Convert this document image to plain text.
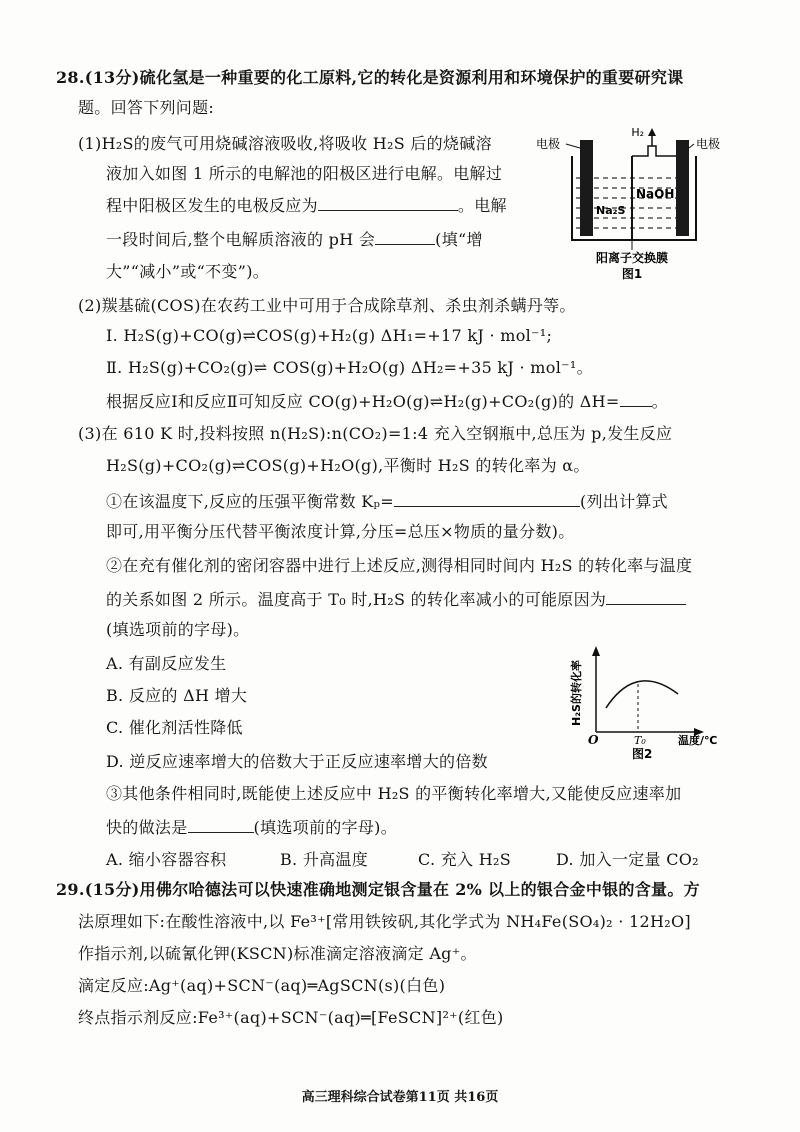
28.(13分)硫化氢是一种重要的化工原料,它的转化是资源利用和环境保护的重要研究课
题。回答下列问题:
(1)H₂S的废气可用烧碱溶液吸收,将吸收 H₂S 后的烧碱溶
液加入如图 1 所示的电解池的阳极区进行电解。电解过
程中阳极区发生的电极反应为	。电解
一段时间后,整个电解质溶液的 pH 会	(填“增
大”“减小”或“不变”)。
电极	电极
H₂
NaOH
Na₂S
阳离子交换膜
图1
(2)羰基硫(COS)在农药工业中可用于合成除草剂、杀虫剂杀螨丹等。
Ⅰ. H₂S(g)+CO(g)⇌COS(g)+H₂(g) ΔH₁=+17 kJ · mol⁻¹;
Ⅱ. H₂S(g)+CO₂(g)⇌ COS(g)+H₂O(g) ΔH₂=+35 kJ · mol⁻¹。
根据反应Ⅰ和反应Ⅱ可知反应 CO(g)+H₂O(g)⇌H₂(g)+CO₂(g)的 ΔH= 。
(3)在 610 K 时,投料按照 n(H₂S):n(CO₂)=1:4 充入空钢瓶中,总压为 p,发生反应
H₂S(g)+CO₂(g)⇌COS(g)+H₂O(g),平衡时 H₂S 的转化率为 α。
①在该温度下,反应的压强平衡常数 Kₚ=	(列出计算式
即可,用平衡分压代替平衡浓度计算,分压=总压×物质的量分数)。
②在充有催化剂的密闭容器中进行上述反应,测得相同时间内 H₂S 的转化率与温度
的关系如图 2 所示。温度高于 T₀ 时,H₂S 的转化率减小的可能原因为
(填选项前的字母)。
A. 有副反应发生
B. 反应的 ΔH 增大
C. 催化剂活性降低
D. 逆反应速率增大的倍数大于正反应速率增大的倍数
H₂S的转化率
O	T₀	温度/℃
图2
③其他条件相同时,既能使上述反应中 H₂S 的平衡转化率增大,又能使反应速率加
快的做法是	(填选项前的字母)。
A. 缩小容器容积	B. 升高温度	C. 充入 H₂S	D. 加入一定量 CO₂
29.(15分)用佛尔哈德法可以快速准确地测定银含量在 2% 以上的银合金中银的含量。方
法原理如下:在酸性溶液中,以 Fe³⁺[常用铁铵矾,其化学式为 NH₄Fe(SO₄)₂ · 12H₂O]
作指示剂,以硫氰化钾(KSCN)标准滴定溶液滴定 Ag⁺。
滴定反应:Ag⁺(aq)+SCN⁻(aq)═AgSCN(s)(白色)
终点指示剂反应:Fe³⁺(aq)+SCN⁻(aq)═[FeSCN]²⁺(红色)
高三理科综合试卷第11页 共16页
